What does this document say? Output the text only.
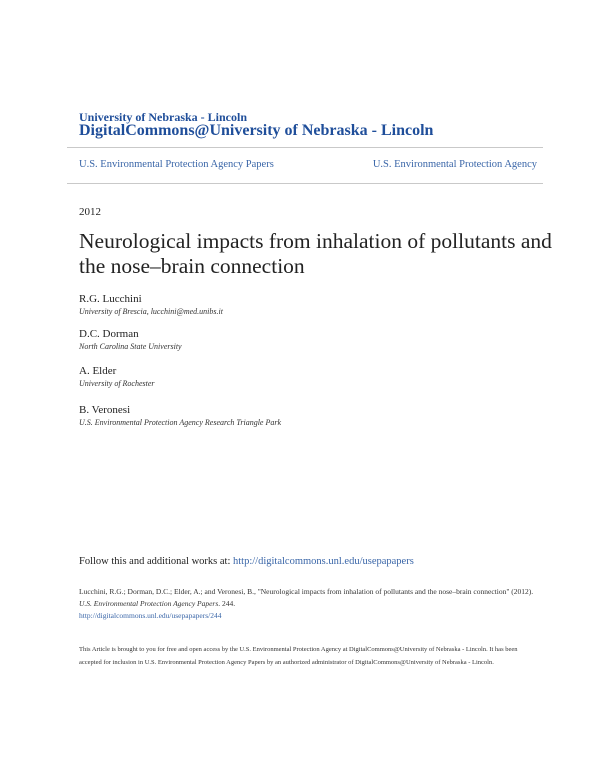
University of Nebraska - Lincoln
DigitalCommons@University of Nebraska - Lincoln
U.S. Environmental Protection Agency Papers	U.S. Environmental Protection Agency
2012
Neurological impacts from inhalation of pollutants and the nose–brain connection
R.G. Lucchini
University of Brescia, lucchini@med.unibs.it
D.C. Dorman
North Carolina State University
A. Elder
University of Rochester
B. Veronesi
U.S. Environmental Protection Agency Research Triangle Park
Follow this and additional works at: http://digitalcommons.unl.edu/usepapapers
Lucchini, R.G.; Dorman, D.C.; Elder, A.; and Veronesi, B., "Neurological impacts from inhalation of pollutants and the nose–brain connection" (2012). U.S. Environmental Protection Agency Papers. 244.
http://digitalcommons.unl.edu/usepapapers/244
This Article is brought to you for free and open access by the U.S. Environmental Protection Agency at DigitalCommons@University of Nebraska - Lincoln. It has been accepted for inclusion in U.S. Environmental Protection Agency Papers by an authorized administrator of DigitalCommons@University of Nebraska - Lincoln.
